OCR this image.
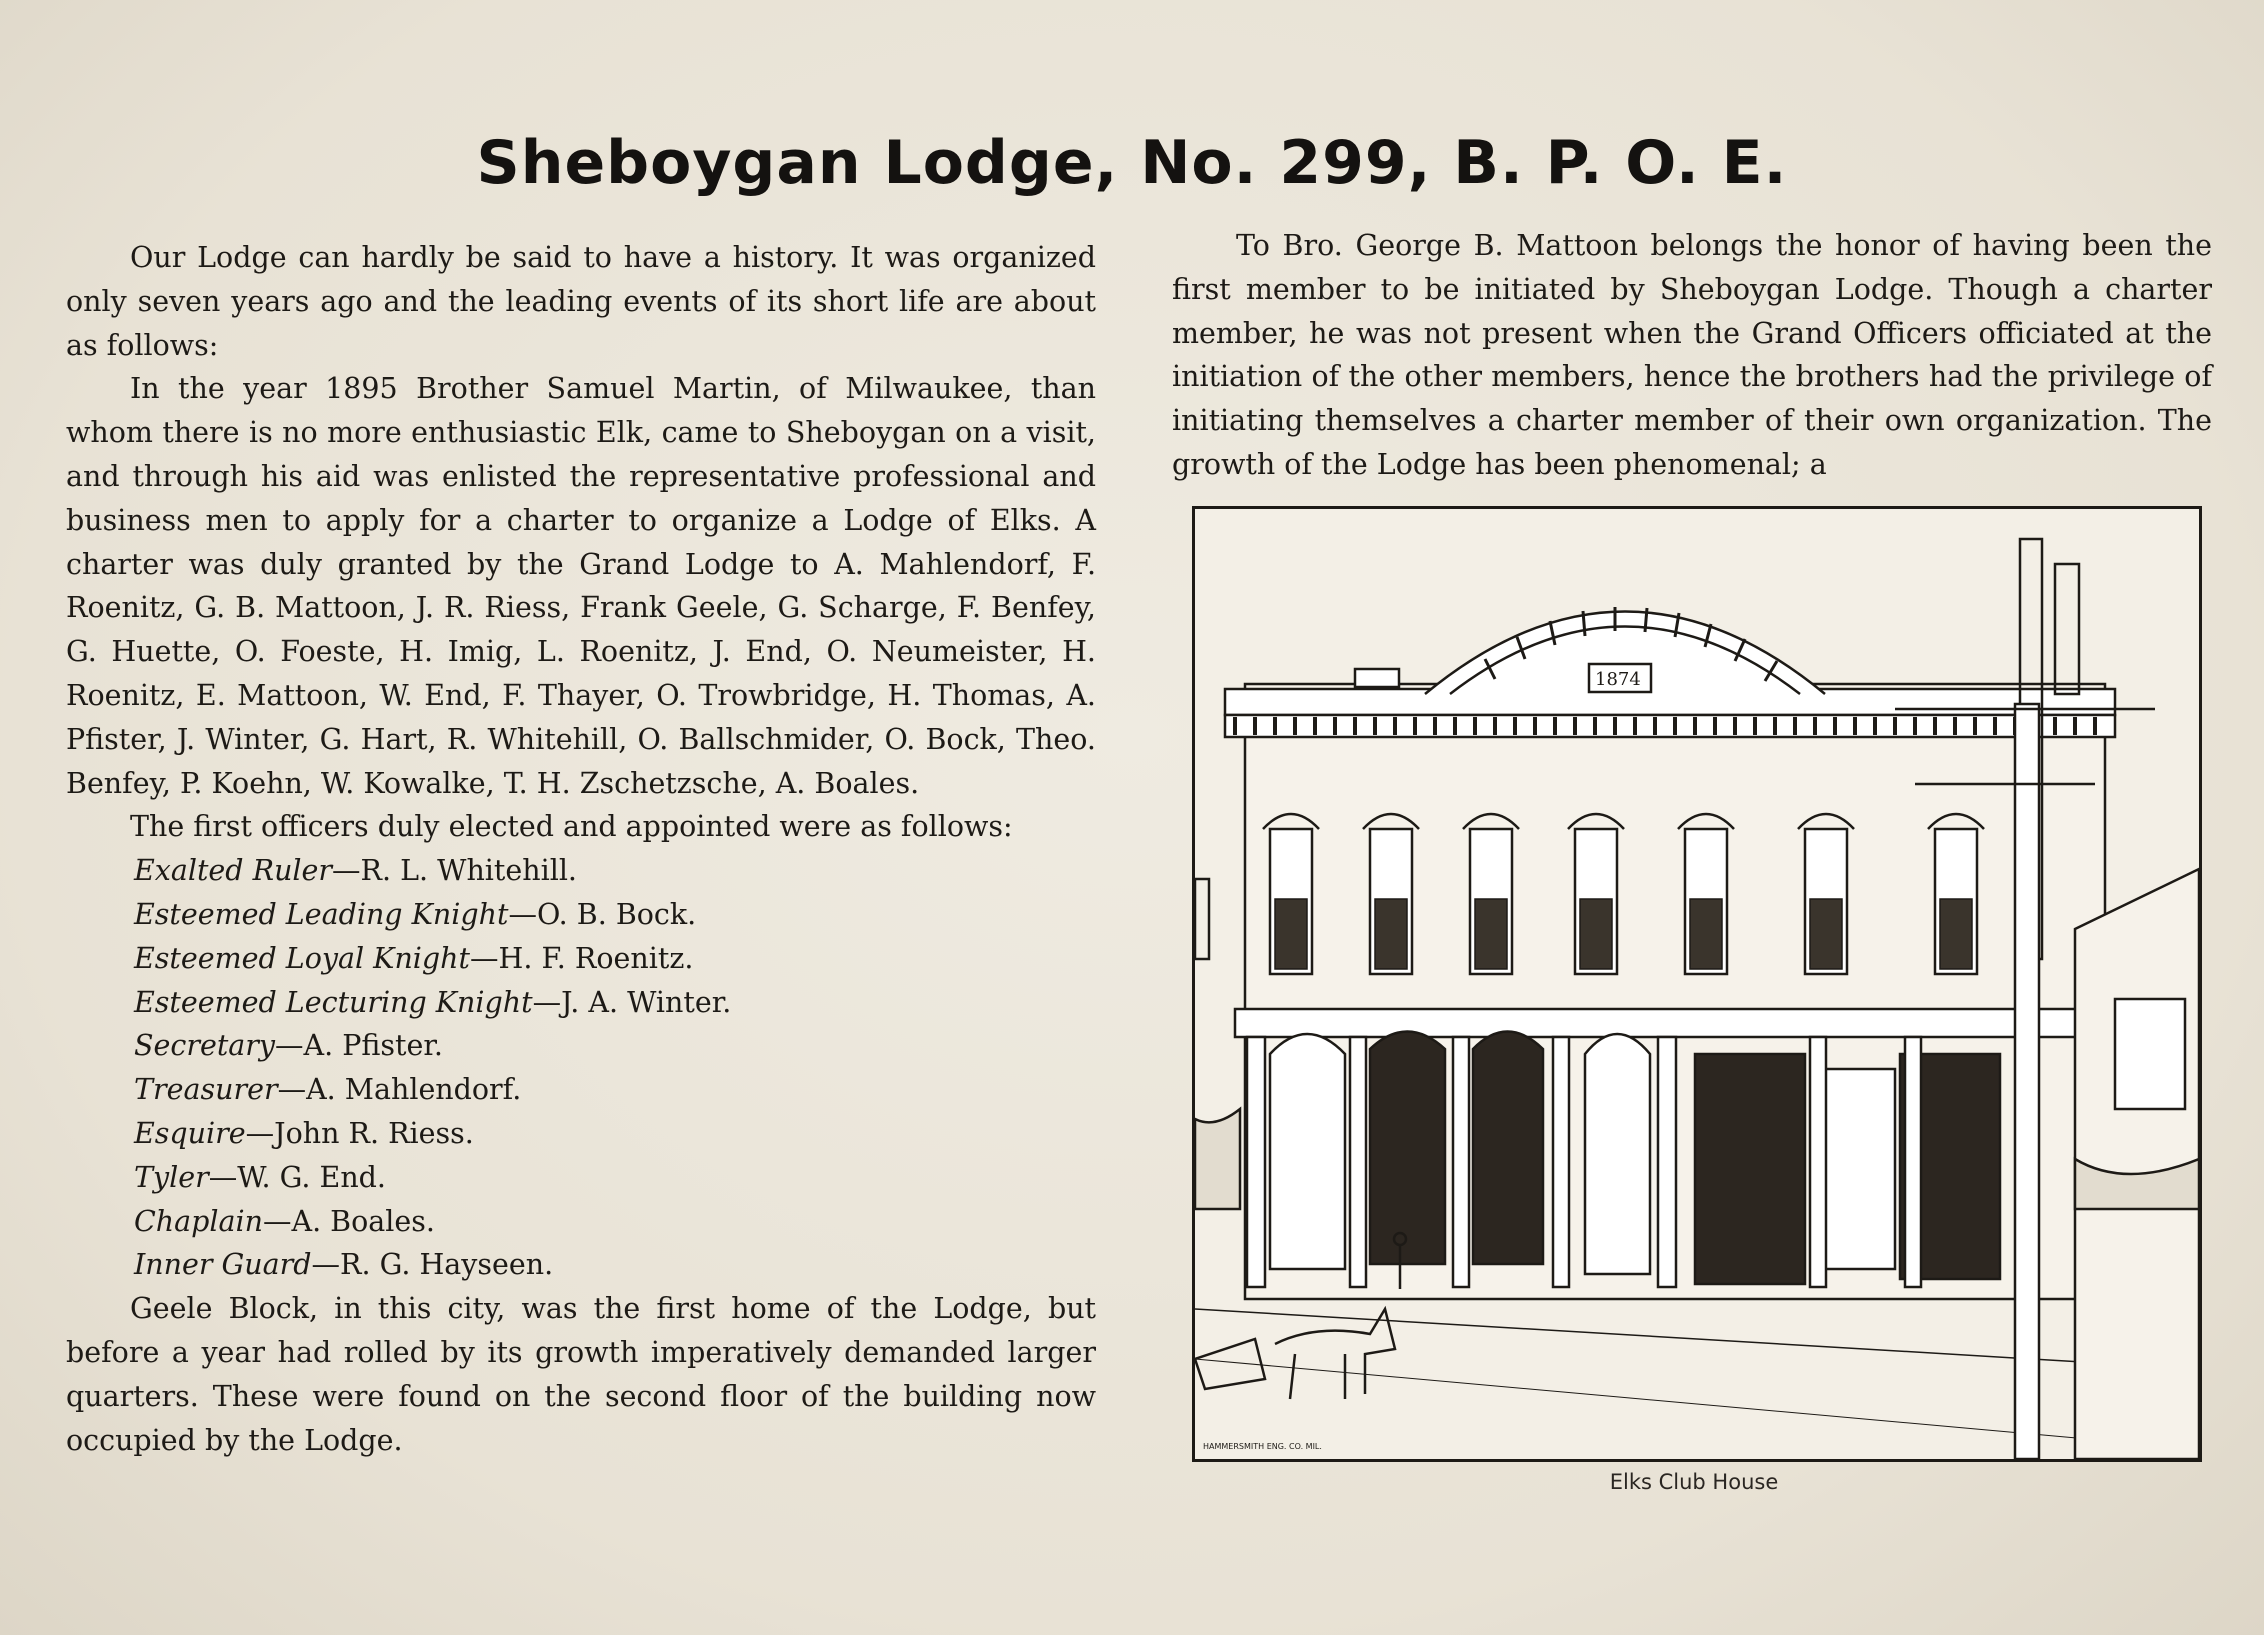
Sheboygan Lodge, No. 299, B. P. O. E.

Our Lodge can hardly be said to have a history. It was organized only seven years ago and the leading events of its short life are about as follows:

In the year 1895 Brother Samuel Martin, of Milwaukee, than whom there is no more enthusiastic Elk, came to Sheboygan on a visit, and through his aid was enlisted the representative professional and business men to apply for a charter to organize a Lodge of Elks. A charter was duly granted by the Grand Lodge to A. Mahlendorf, F. Roenitz, G. B. Mattoon, J. R. Riess, Frank Geele, G. Scharge, F. Benfey, G. Huette, O. Foeste, H. Imig, L. Roenitz, J. End, O. Neumeister, H. Roenitz, E. Mattoon, W. End, F. Thayer, O. Trowbridge, H. Thomas, A. Pfister, J. Winter, G. Hart, R. Whitehill, O. Ballschmider, O. Bock, Theo. Benfey, P. Koehn, W. Kowalke, T. H. Zschetzsche, A. Boales.

The first officers duly elected and appointed were as follows:

Exalted Ruler—R. L. Whitehill.

Esteemed Leading Knight—O. B. Bock.

Esteemed Loyal Knight—H. F. Roenitz.

Esteemed Lecturing Knight—J. A. Winter.

Secretary—A. Pfister.

Treasurer—A. Mahlendorf.

Esquire—John R. Riess.

Tyler—W. G. End.

Chaplain—A. Boales.

Inner Guard—R. G. Hayseen.

Geele Block, in this city, was the first home of the Lodge, but before a year had rolled by its growth imperatively demanded larger quarters. These were found on the second floor of the building now occupied by the Lodge.

To Bro. George B. Mattoon belongs the honor of having been the first member to be initiated by Sheboygan Lodge. Though a charter member, he was not present when the Grand Officers officiated at the initiation of the other members, hence the brothers had the privilege of initiating themselves a charter member of their own organization. The growth of the Lodge has been phenomenal; a

1874
HAMMERSMITH ENG. CO. MIL.
Elks Club House
